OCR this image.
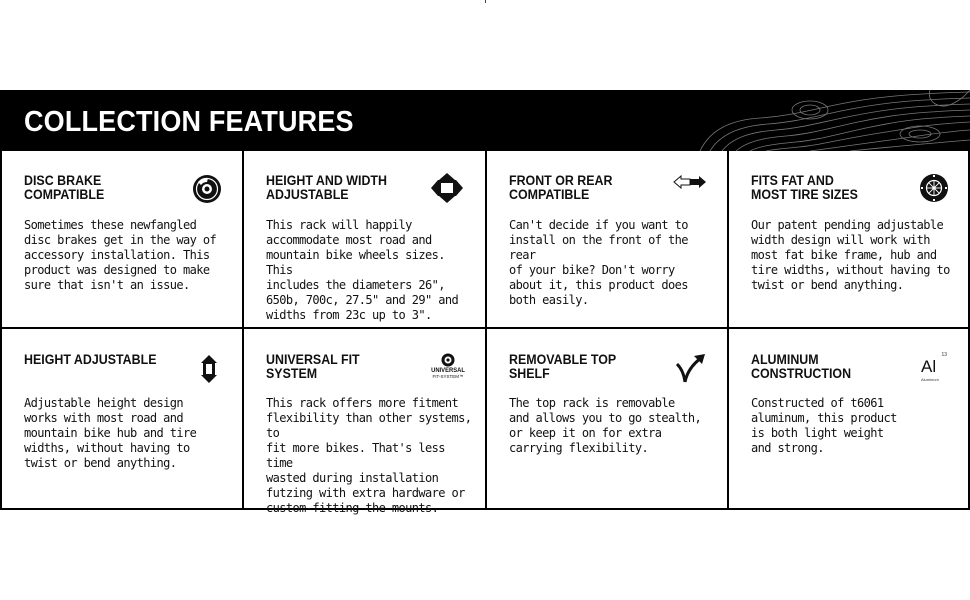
COLLECTION FEATURES
DISC BRAKE COMPATIBLE
Sometimes these newfangled
disc brakes get in the way of
accessory installation. This
product was designed to make
sure that isn't an issue.
HEIGHT AND WIDTH
ADJUSTABLE
This rack will happily
accommodate most road and
mountain bike wheels sizes. This
includes the diameters 26",
650b, 700c, 27.5" and 29" and
widths from 23c up to 3".
FRONT OR REAR
COMPATIBLE
Can't decide if you want to
install on the front of the rear
of your bike? Don't worry
about it, this product does
both easily.
FITS FAT AND
MOST TIRE SIZES
Our patent pending adjustable
width design will work with
most fat bike frame, hub and
tire widths, without having to
twist or bend anything.
HEIGHT ADJUSTABLE
Adjustable height design
works with most road and
mountain bike hub and tire
widths, without having to
twist or bend anything.
UNIVERSAL FIT SYSTEM
This rack offers more fitment
flexibility than other systems, to
fit more bikes. That's less time
wasted during installation
futzing with extra hardware or
custom-fitting the mounts.
UNIVERSAL
FIT-SYSTEM™
REMOVABLE TOP SHELF
The top rack is removable
and allows you to go stealth,
or keep it on for extra
carrying flexibility.
ALUMINUM
CONSTRUCTION
Constructed of t6061
aluminum, this product
is both light weight
and strong.
13
Al
Aluminum
